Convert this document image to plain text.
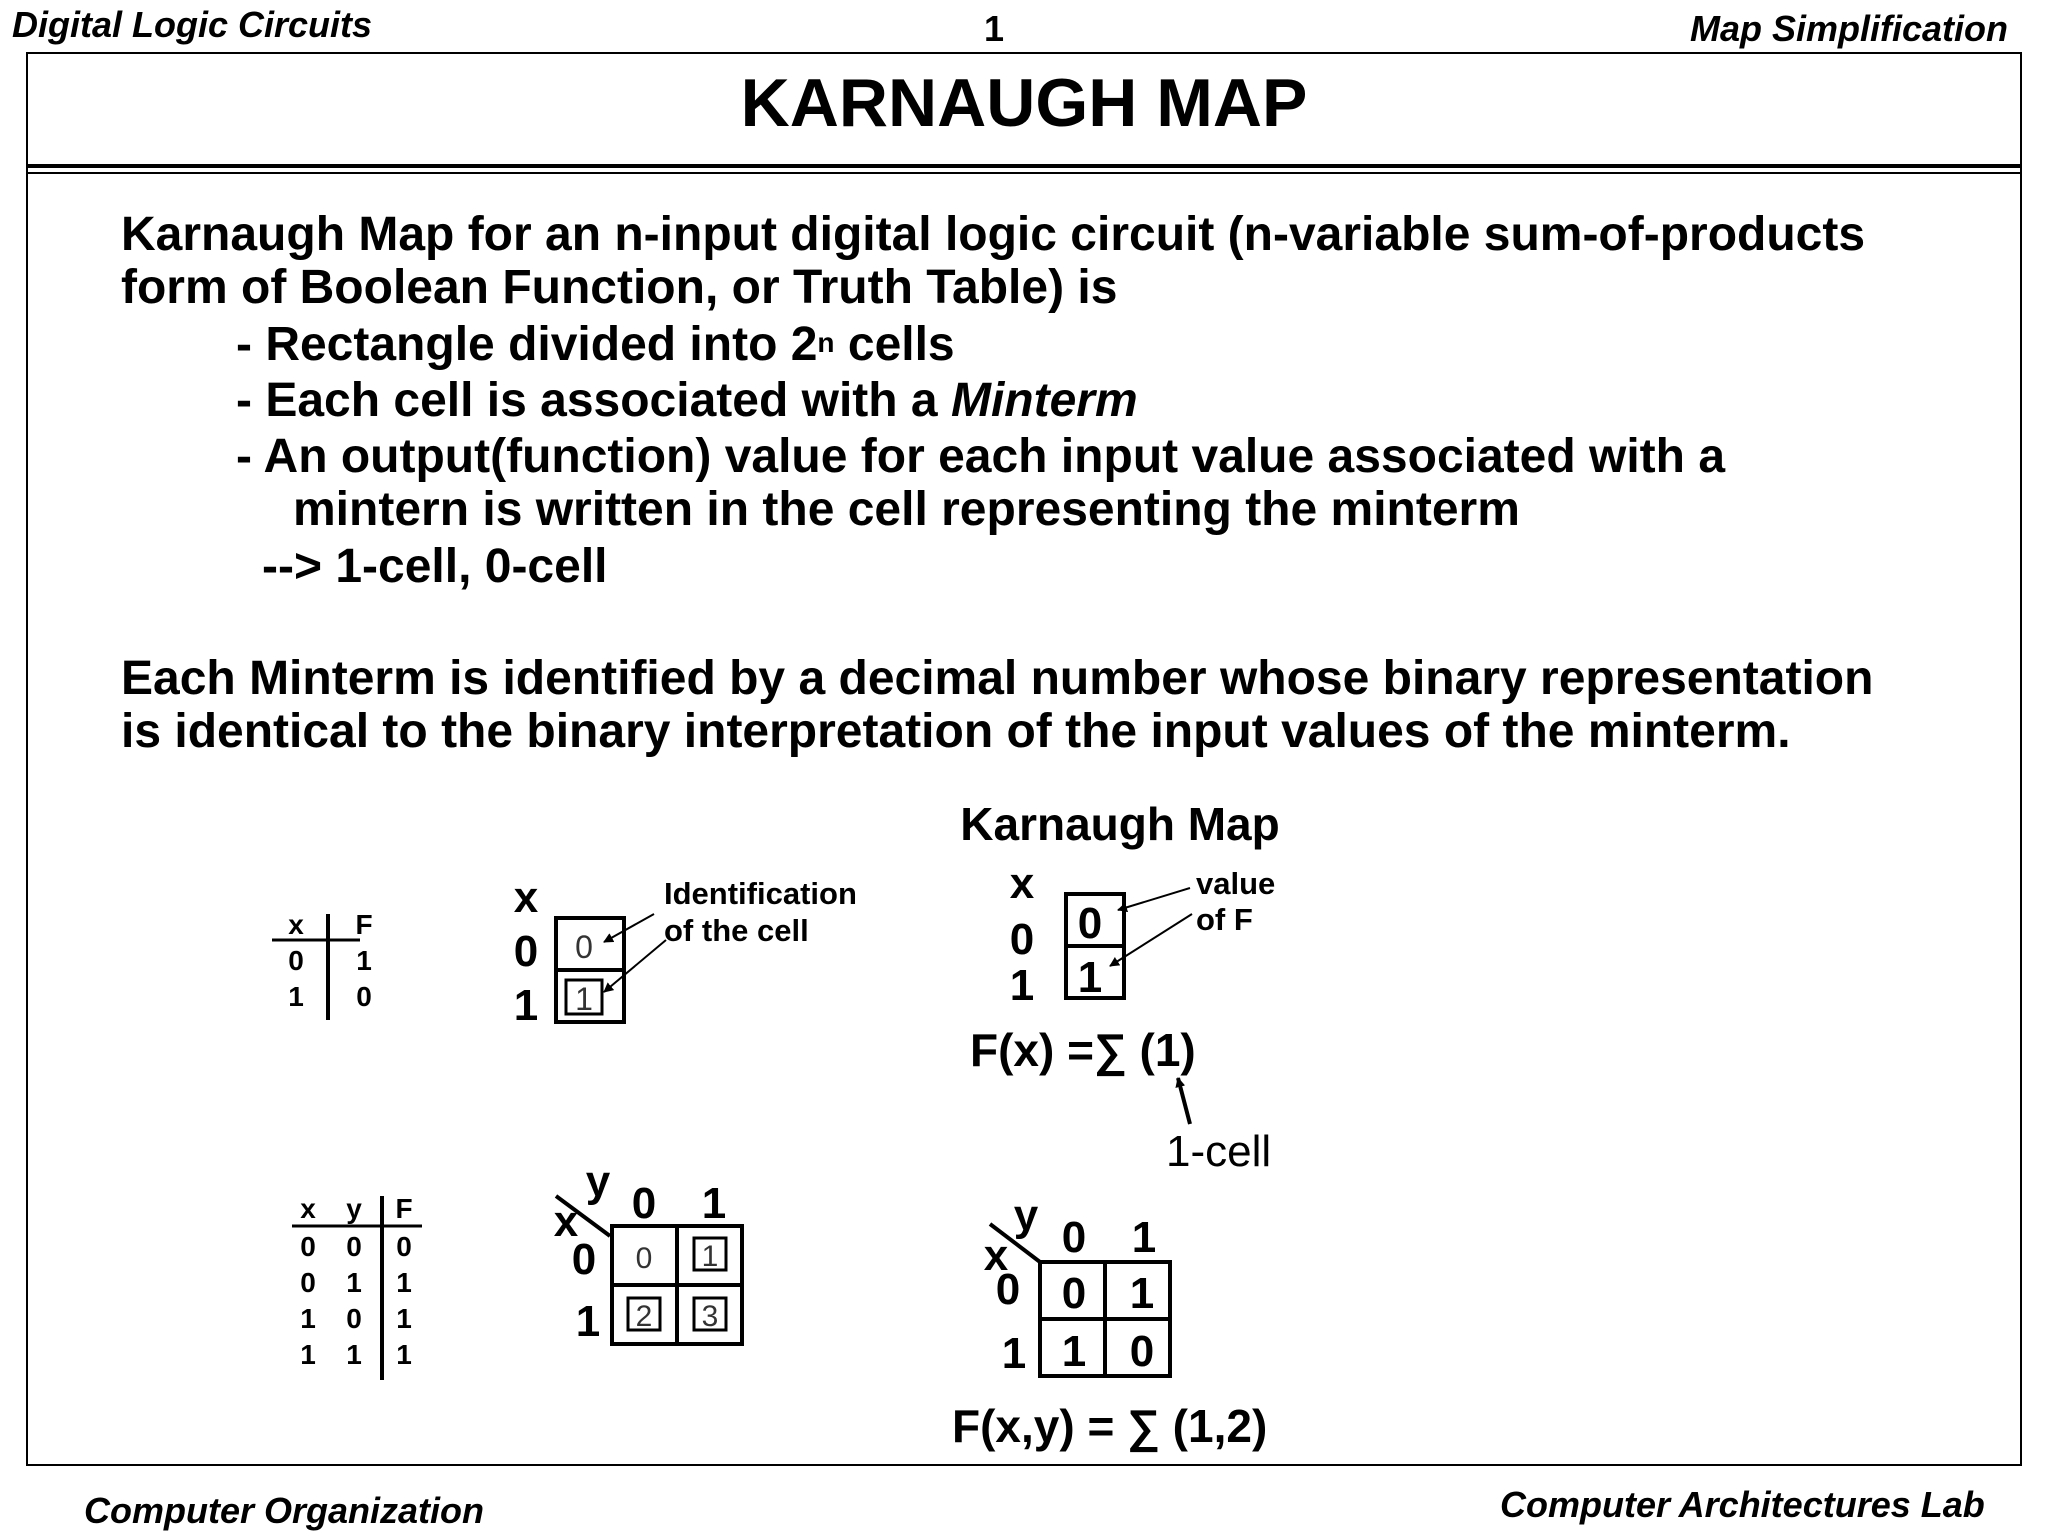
Digital Logic Circuits	1	Map Simplification
KARNAUGH MAP
Karnaugh Map for an n-input digital logic circuit (n-variable sum-of-products
form of Boolean Function, or Truth Table) is
- Rectangle divided into 2$^n$ cells
- Each cell is associated with a Minterm
- An output(function) value for each input value associated with a
mintern is written in the cell representing the minterm
--> 1-cell, 0-cell
Each Minterm is identified by a decimal number whose binary representation
is identical to the binary interpretation of the input values of the minterm.
Karnaugh Map
x F
0 1
1 0
x
0
1
0
1
Identification
of the cell
x
0
1
0
1
value
of F
F(x) =∑ (1)
1-cell
x y F
0 0 0
0 1 1
1 0 1
1 1 1
y
x 0 1
0
1
0 1
2 3
y
x 0 1
0
1
0 1
1 0
F(x,y) = ∑ (1,2)
Computer Organization	Computer Architectures Lab
